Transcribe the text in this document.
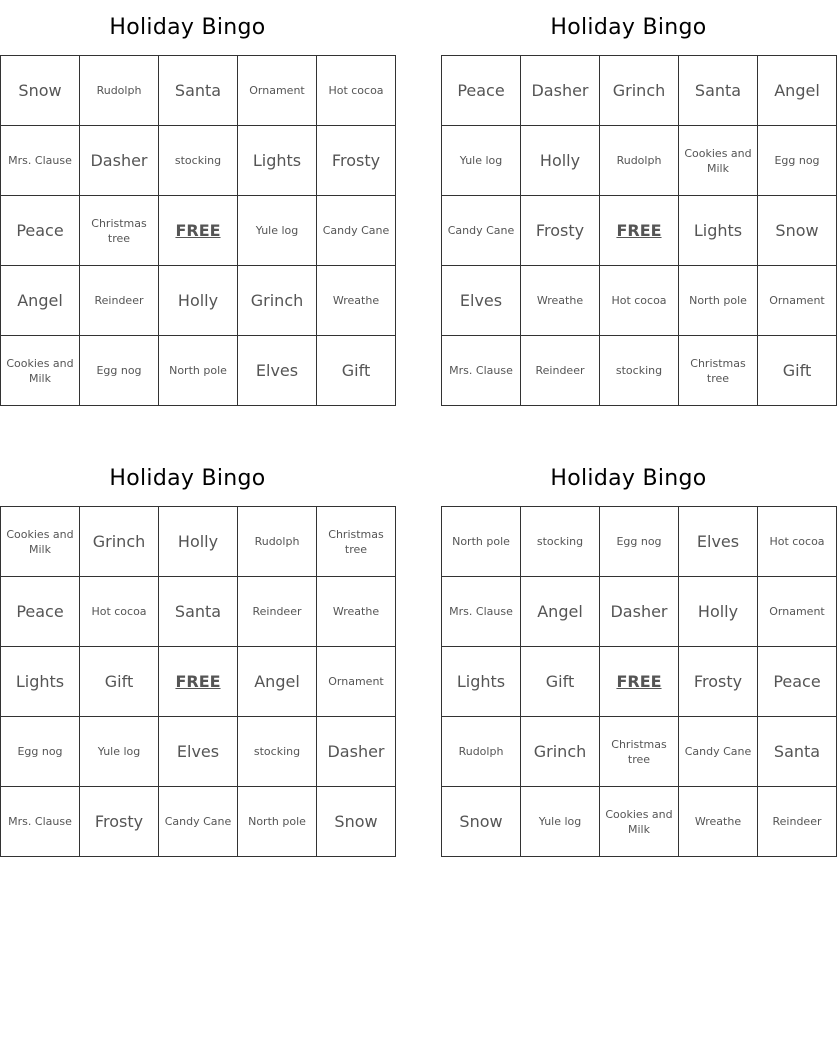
Holiday Bingo
Snow	Rudolph	Santa	Ornament	Hot cocoa
Mrs. Clause	Dasher	stocking	Lights	Frosty
Peace	Christmas tree	FREE	Yule log	Candy Cane
Angel	Reindeer	Holly	Grinch	Wreathe
Cookies and Milk	Egg nog	North pole	Elves	Gift
Holiday Bingo
Peace	Dasher	Grinch	Santa	Angel
Yule log	Holly	Rudolph	Cookies and Milk	Egg nog
Candy Cane	Frosty	FREE	Lights	Snow
Elves	Wreathe	Hot cocoa	North pole	Ornament
Mrs. Clause	Reindeer	stocking	Christmas tree	Gift
Holiday Bingo
Cookies and Milk	Grinch	Holly	Rudolph	Christmas tree
Peace	Hot cocoa	Santa	Reindeer	Wreathe
Lights	Gift	FREE	Angel	Ornament
Egg nog	Yule log	Elves	stocking	Dasher
Mrs. Clause	Frosty	Candy Cane	North pole	Snow
Holiday Bingo
North pole	stocking	Egg nog	Elves	Hot cocoa
Mrs. Clause	Angel	Dasher	Holly	Ornament
Lights	Gift	FREE	Frosty	Peace
Rudolph	Grinch	Christmas tree	Candy Cane	Santa
Snow	Yule log	Cookies and Milk	Wreathe	Reindeer
